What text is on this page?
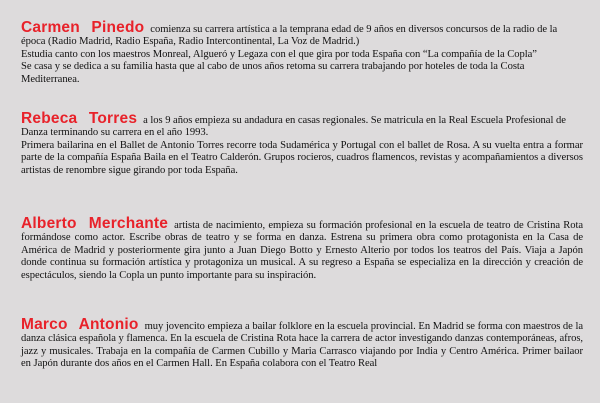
Carmen Pinedo comienza su carrera artística a la temprana edad de 9 años en diversos concursos de la radio de la época (Radio Madrid, Radio España, Radio Intercontinental, La Voz de Madrid.)

Estudia canto con los maestros Monreal, Algueró y Legaza con el que gira por toda España con “La compañía de la Copla”

Se casa y se dedica a su familia hasta que al cabo de unos años retoma su carrera trabajando por hoteles de toda la Costa Mediterranea.

Rebeca Torres a los 9 años empieza su andadura en casas regionales. Se matricula en la Real Escuela Profesional de Danza terminando su carrera en el año 1993.

Primera bailarina en el Ballet de Antonio Torres recorre toda Sudamérica y Portugal con el ballet de Rosa. A su vuelta entra a formar parte de la compañía España Baila en el Teatro Calderón. Grupos rocieros, cuadros flamencos, revistas y acompañamientos a diversos artistas de renombre sigue girando por toda España.

Alberto Merchante artista de nacimiento, empieza su formación profesional en la escuela de teatro de Cristina Rota formándose como actor. Escribe obras de teatro y se forma en danza. Estrena su primera obra como protagonista en la Casa de América de Madrid y posteriormente gira junto a Juan Diego Botto y Ernesto Alterio por todos los teatros del País. Viaja a Japón donde continua su formación artística y protagoniza un musical. A su regreso a España se especializa en la dirección y creación de espectáculos, siendo la Copla un punto importante para su inspiración.

Marco Antonio muy jovencito empieza a bailar folklore en la escuela provincial. En Madrid se forma con maestros de la danza clásica española y flamenca. En la escuela de Cristina Rota hace la carrera de actor investigando danzas contemporáneas, afros, jazz y musicales. Trabaja en la compañía de Carmen Cubillo y Maria Carrasco viajando por India y Centro América. Primer bailaor en Japón durante dos años en el Carmen Hall. En España colabora con el Teatro Real
